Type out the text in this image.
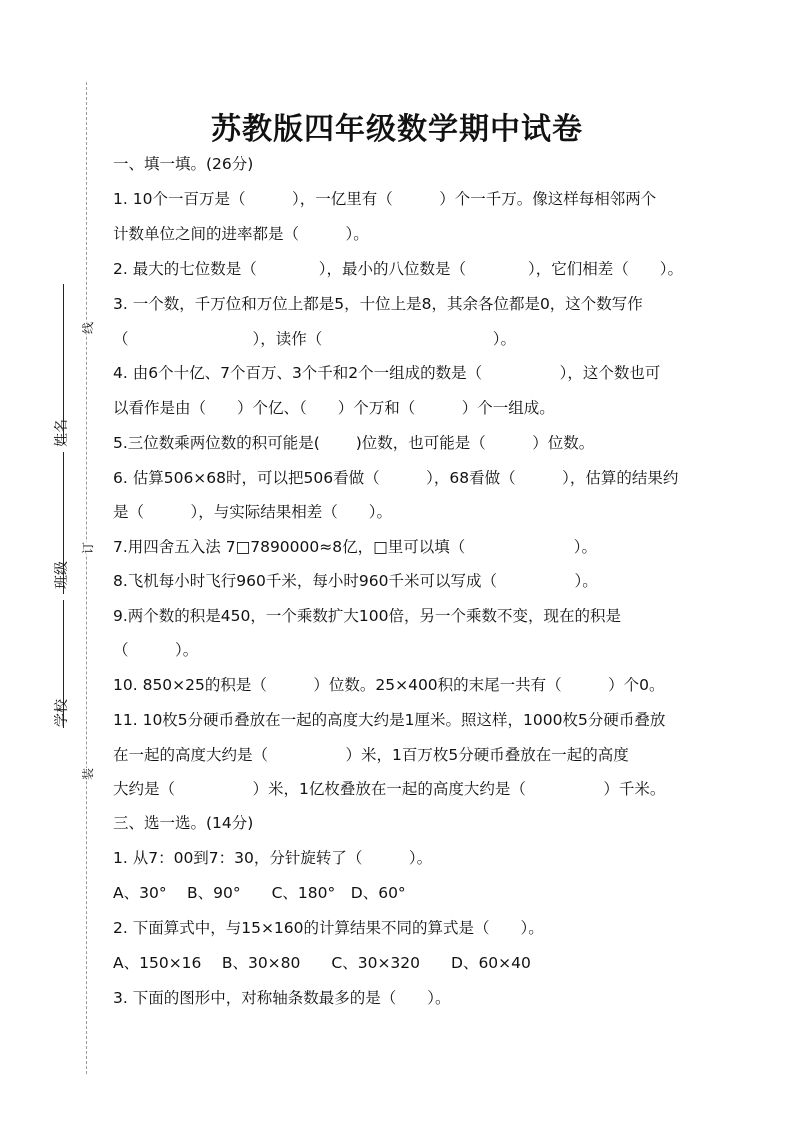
姓名
班级
学校
线
订
装
苏教版四年级数学期中试卷
一、填一填。(26分)
1. 10个一百万是（　　　），一亿里有（　　　）个一千万。像这样每相邻两个
计数单位之间的进率都是（　　　）。
2. 最大的七位数是（　　　　），最小的八位数是（　　　　），它们相差（　　）。
3. 一个数，千万位和万位上都是5，十位上是8，其余各位都是0，这个数写作
（　　　　　　　　），读作（　　　　　　　　　　　）。
4. 由6个十亿、7个百万、3个千和2个一组成的数是（　　　　　），这个数也可
以看作是由（　　）个亿、（　　）个万和（　　　）个一组成。
5.三位数乘两位数的积可能是(　　 )位数，也可能是（　　　）位数。
6. 估算506×68时，可以把506看做（　　　），68看做（　　　），估算的结果约
是（　　　），与实际结果相差（　　）。
7.用四舍五入法 7□7890000≈8亿，□里可以填（　　　　　　　）。
8.飞机每小时飞行960千米，每小时960千米可以写成（　　　　　）。
9.两个数的积是450，一个乘数扩大100倍，另一个乘数不变，现在的积是
（　　　）。
10. 850×25的积是（　　　）位数。25×400积的末尾一共有（　　　）个0。
11. 10枚5分硬币叠放在一起的高度大约是1厘米。照这样，1000枚5分硬币叠放
在一起的高度大约是（　　　　　）米，1百万枚5分硬币叠放在一起的高度
大约是（　　　　　）米，1亿枚叠放在一起的高度大约是（　　　　　）千米。
三、选一选。(14分)
1. 从7：00到7：30，分针旋转了（　　　）。
A、30°　 B、90°　　C、180°　D、60°
2. 下面算式中，与15×160的计算结果不同的算式是（　　）。
A、150×16　 B、30×80　　C、30×320　　D、60×40
3. 下面的图形中，对称轴条数最多的是（　　）。
